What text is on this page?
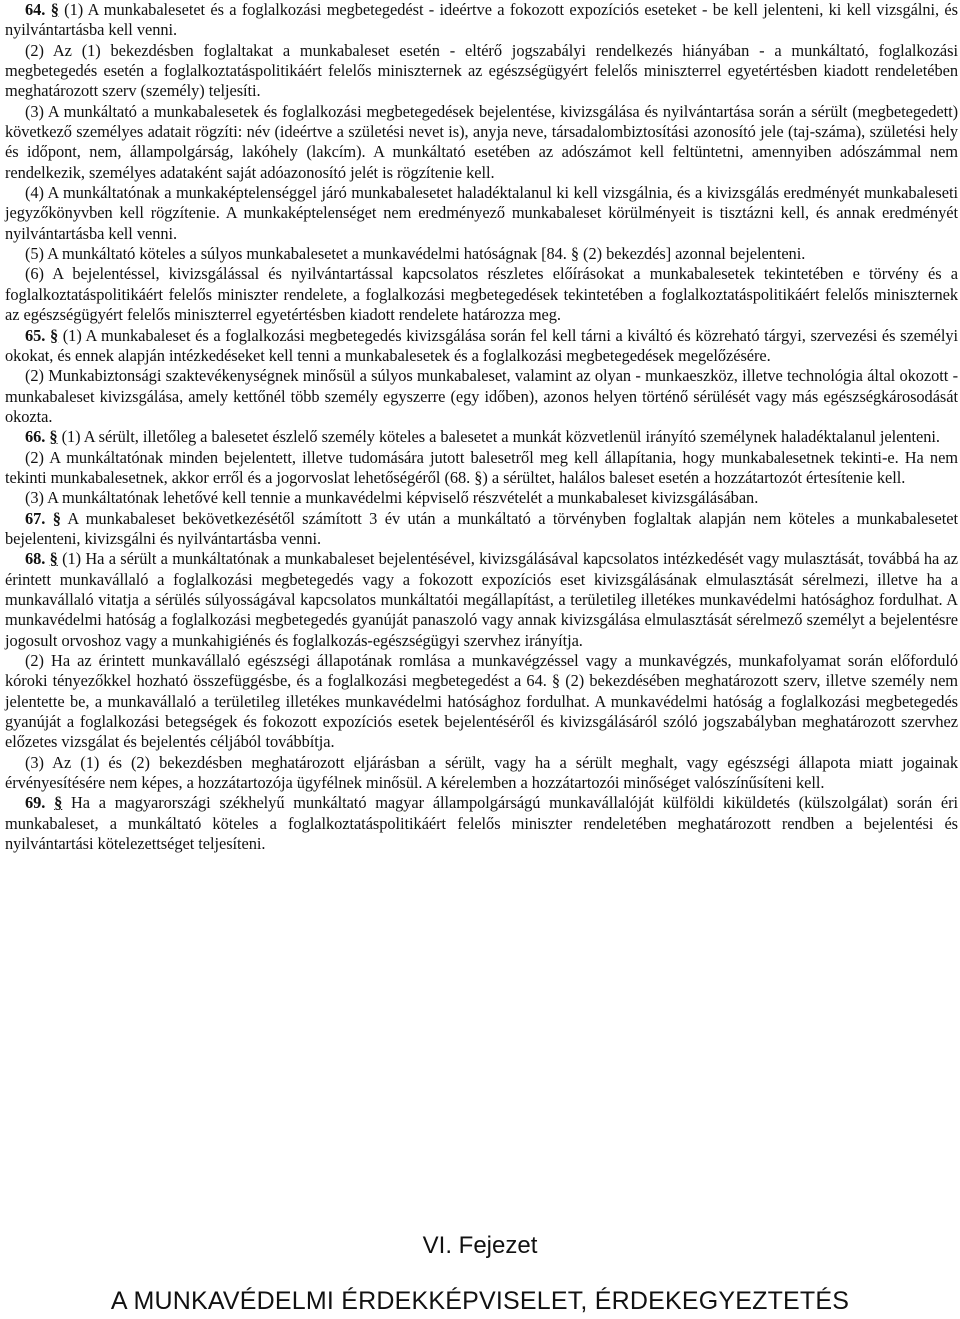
64. § (1) A munkabalesetet és a foglalkozási megbetegedést - ideértve a fokozott expozíciós eseteket - be kell jelenteni, ki kell vizsgálni, és nyilvántartásba kell venni.

(2) Az (1) bekezdésben foglaltakat a munkabaleset esetén - eltérő jogszabályi rendelkezés hiányában - a munkáltató, foglalkozási megbetegedés esetén a foglalkoztatáspolitikáért felelős miniszternek az egészségügyért felelős miniszterrel egyetértésben kiadott rendeletében meghatározott szerv (személy) teljesíti.

(3) A munkáltató a munkabalesetek és foglalkozási megbetegedések bejelentése, kivizsgálása és nyilvántartása során a sérült (megbetegedett) következő személyes adatait rögzíti: név (ideértve a születési nevet is), anyja neve, társadalombiztosítási azonosító jele (taj-száma), születési hely és időpont, nem, állampolgárság, lakóhely (lakcím). A munkáltató esetében az adószámot kell feltüntetni, amennyiben adószámmal nem rendelkezik, személyes adataként saját adóazonosító jelét is rögzítenie kell.

(4) A munkáltatónak a munkaképtelenséggel járó munkabalesetet haladéktalanul ki kell vizsgálnia, és a kivizsgálás eredményét munkabaleseti jegyzőkönyvben kell rögzítenie. A munkaképtelenséget nem eredményező munkabaleset körülményeit is tisztázni kell, és annak eredményét nyilvántartásba kell venni.

(5) A munkáltató köteles a súlyos munkabalesetet a munkavédelmi hatóságnak [84. § (2) bekezdés] azonnal bejelenteni.

(6) A bejelentéssel, kivizsgálással és nyilvántartással kapcsolatos részletes előírásokat a munkabalesetek tekintetében e törvény és a foglalkoztatáspolitikáért felelős miniszter rendelete, a foglalkozási megbetegedések tekintetében a foglalkoztatáspolitikáért felelős miniszternek az egészségügyért felelős miniszterrel egyetértésben kiadott rendelete határozza meg.

65. § (1) A munkabaleset és a foglalkozási megbetegedés kivizsgálása során fel kell tárni a kiváltó és közreható tárgyi, szervezési és személyi okokat, és ennek alapján intézkedéseket kell tenni a munkabalesetek és a foglalkozási megbetegedések megelőzésére.

(2) Munkabiztonsági szaktevékenységnek minősül a súlyos munkabaleset, valamint az olyan - munkaeszköz, illetve technológia által okozott - munkabaleset kivizsgálása, amely kettőnél több személy egyszerre (egy időben), azonos helyen történő sérülését vagy más egészségkárosodását okozta.

66. § (1) A sérült, illetőleg a balesetet észlelő személy köteles a balesetet a munkát közvetlenül irányító személynek haladéktalanul jelenteni.

(2) A munkáltatónak minden bejelentett, illetve tudomására jutott balesetről meg kell állapítania, hogy munkabalesetnek tekinti-e. Ha nem tekinti munkabalesetnek, akkor erről és a jogorvoslat lehetőségéről (68. §) a sérültet, halálos baleset esetén a hozzátartozót értesítenie kell.

(3) A munkáltatónak lehetővé kell tennie a munkavédelmi képviselő részvételét a munkabaleset kivizsgálásában.

67. § A munkabaleset bekövetkezésétől számított 3 év után a munkáltató a törvényben foglaltak alapján nem köteles a munkabalesetet bejelenteni, kivizsgálni és nyilvántartásba venni.

68. § (1) Ha a sérült a munkáltatónak a munkabaleset bejelentésével, kivizsgálásával kapcsolatos intézkedését vagy mulasztását, továbbá ha az érintett munkavállaló a foglalkozási megbetegedés vagy a fokozott expozíciós eset kivizsgálásának elmulasztását sérelmezi, illetve ha a munkavállaló vitatja a sérülés súlyosságával kapcsolatos munkáltatói megállapítást, a területileg illetékes munkavédelmi hatósághoz fordulhat. A munkavédelmi hatóság a foglalkozási megbetegedés gyanúját panaszoló vagy annak kivizsgálása elmulasztását sérelmező személyt a bejelentésre jogosult orvoshoz vagy a munkahigiénés és foglalkozás-egészségügyi szervhez irányítja.

(2) Ha az érintett munkavállaló egészségi állapotának romlása a munkavégzéssel vagy a munkavégzés, munkafolyamat során előforduló kóroki tényezőkkel hozható összefüggésbe, és a foglalkozási megbetegedést a 64. § (2) bekezdésében meghatározott szerv, illetve személy nem jelentette be, a munkavállaló a területileg illetékes munkavédelmi hatósághoz fordulhat. A munkavédelmi hatóság a foglalkozási megbetegedés gyanúját a foglalkozási betegségek és fokozott expozíciós esetek bejelentéséről és kivizsgálásáról szóló jogszabályban meghatározott szervhez előzetes vizsgálat és bejelentés céljából továbbítja.

(3) Az (1) és (2) bekezdésben meghatározott eljárásban a sérült, vagy ha a sérült meghalt, vagy egészségi állapota miatt jogainak érvényesítésére nem képes, a hozzátartozója ügyfélnek minősül. A kérelemben a hozzátartozói minőséget valószínűsíteni kell.

69. § Ha a magyarországi székhelyű munkáltató magyar állampolgárságú munkavállalóját külföldi kiküldetés (külszolgálat) során éri munkabaleset, a munkáltató köteles a foglalkoztatáspolitikáért felelős miniszter rendeletében meghatározott rendben a bejelentési és nyilvántartási kötelezettséget teljesíteni.

VI. Fejezet
A MUNKAVÉDELMI ÉRDEKKÉPVISELET, ÉRDEKEGYEZTETÉS
